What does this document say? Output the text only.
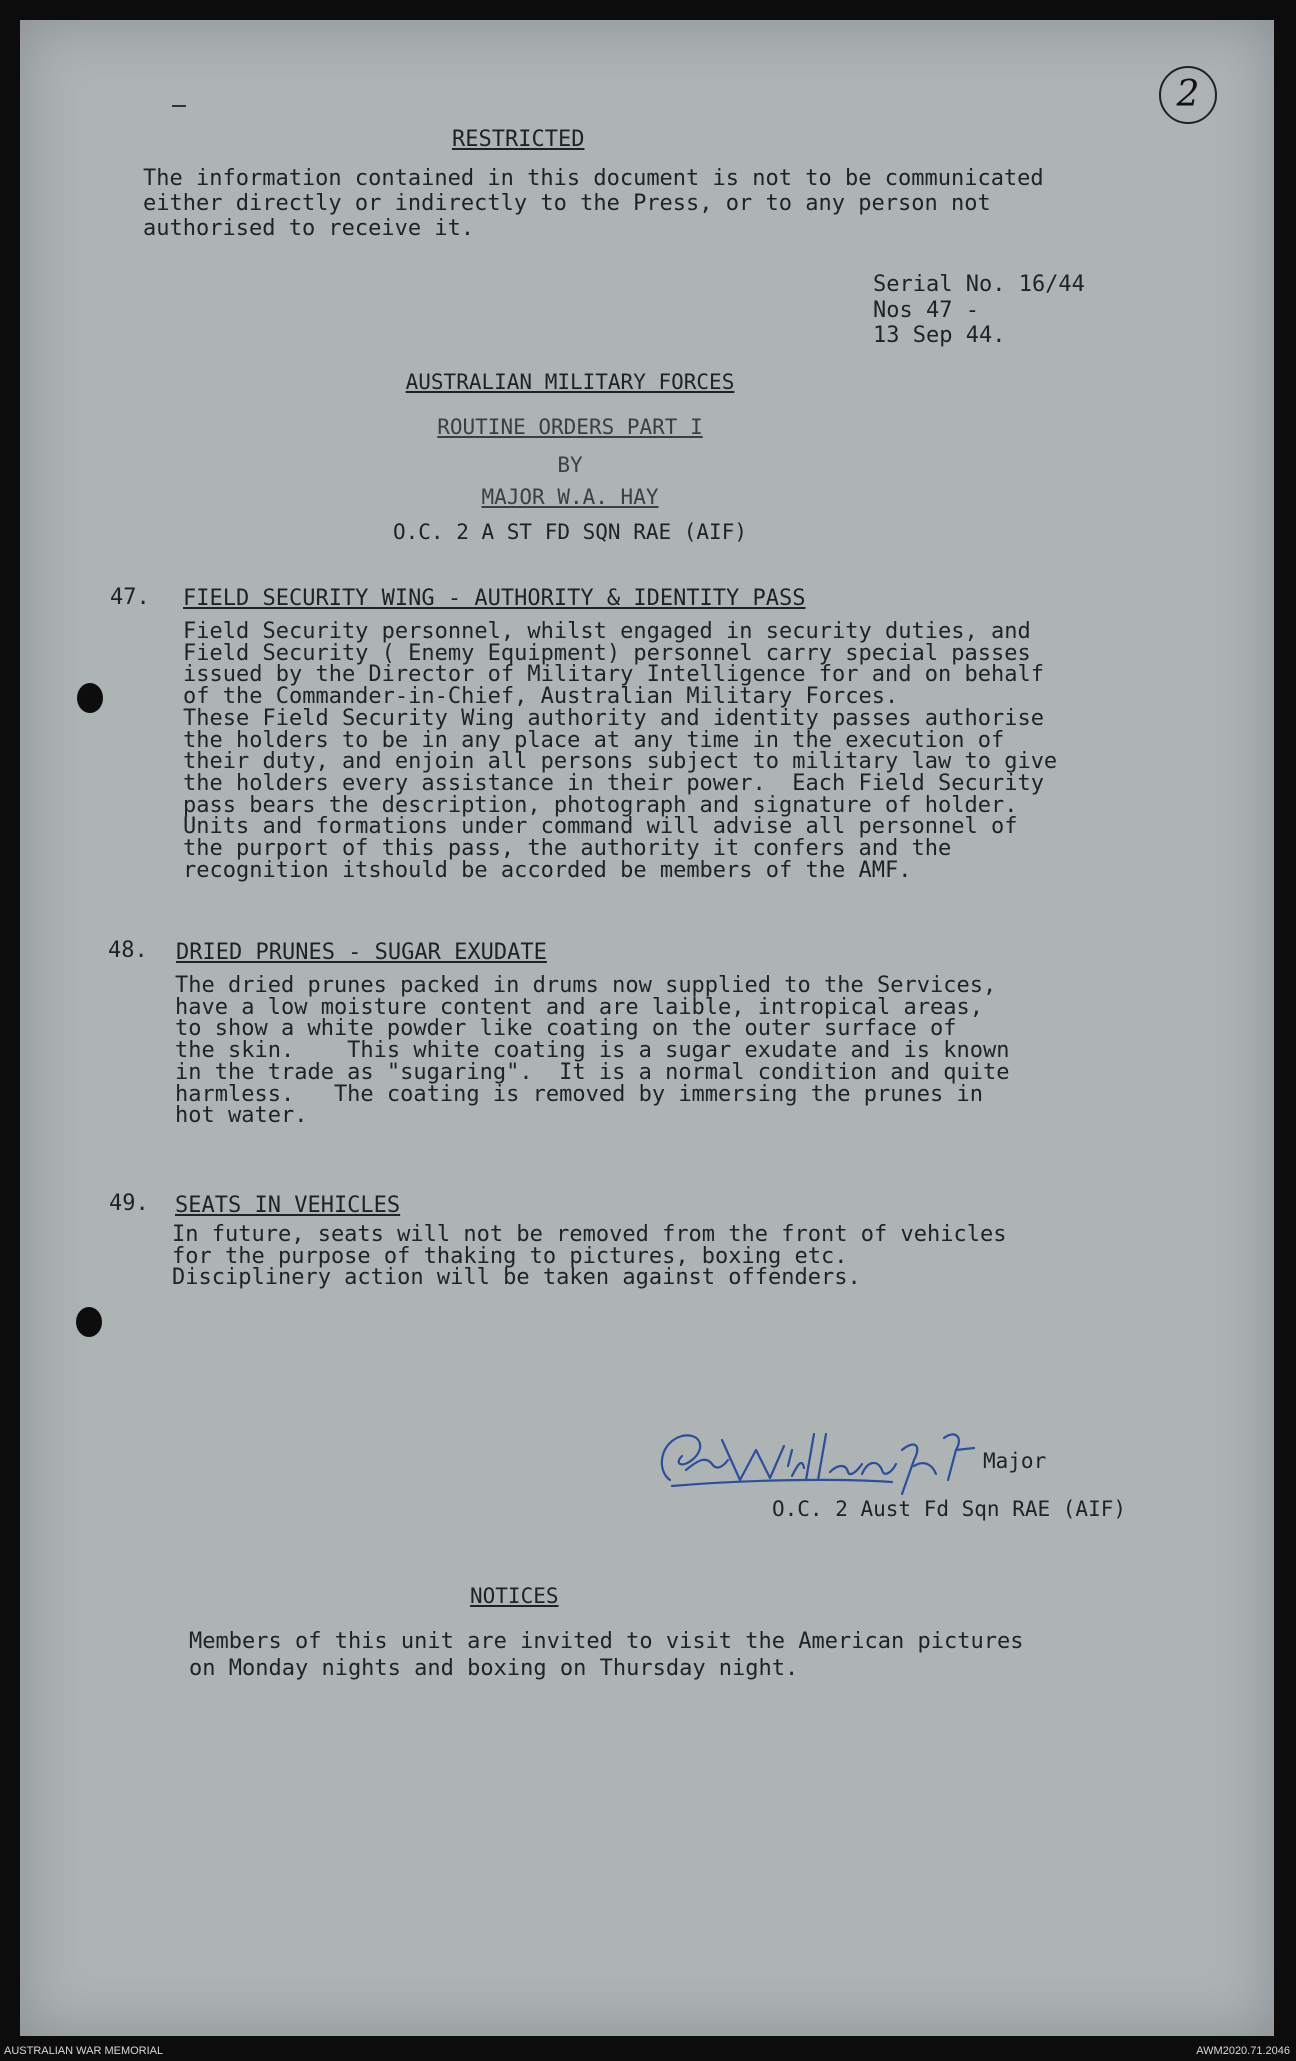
2
RESTRICTED
The information contained in this document is not to be communicated
either directly or indirectly to the Press, or to any person not
authorised to receive it.
Serial No. 16/44
Nos 47 -
13 Sep 44.
AUSTRALIAN MILITARY FORCES
ROUTINE ORDERS PART I
BY
MAJOR W.A. HAY
O.C. 2 A ST FD SQN RAE (AIF)
47. FIELD SECURITY WING - AUTHORITY & IDENTITY PASS
Field Security personnel, whilst engaged in security duties, and
Field Security ( Enemy Equipment) personnel carry special passes
issued by the Director of Military Intelligence for and on behalf
of the Commander-in-Chief, Australian Military Forces.
These Field Security Wing authority and identity passes authorise
the holders to be in any place at any time in the execution of
their duty, and enjoin all persons subject to military law to give
the holders every assistance in their power.  Each Field Security
pass bears the description, photograph and signature of holder.
Units and formations under command will advise all personnel of
the purport of this pass, the authority it confers and the
recognition itshould be accorded be members of the AMF.
48. DRIED PRUNES - SUGAR EXUDATE
The dried prunes packed in drums now supplied to the Services,
have a low moisture content and are laible, intropical areas,
to show a white powder like coating on the outer surface of
the skin.    This white coating is a sugar exudate and is known
in the trade as "sugaring".  It is a normal condition and quite
harmless.   The coating is removed by immersing the prunes in
hot water.
49. SEATS IN VEHICLES
In future, seats will not be removed from the front of vehicles
for the purpose of thaking to pictures, boxing etc.
Disciplinery action will be taken against offenders.
Major
O.C. 2 Aust Fd Sqn RAE (AIF)
NOTICES
Members of this unit are invited to visit the American pictures
on Monday nights and boxing on Thursday night.
AUSTRALIAN WAR MEMORIAL	AWM2020.71.2046
